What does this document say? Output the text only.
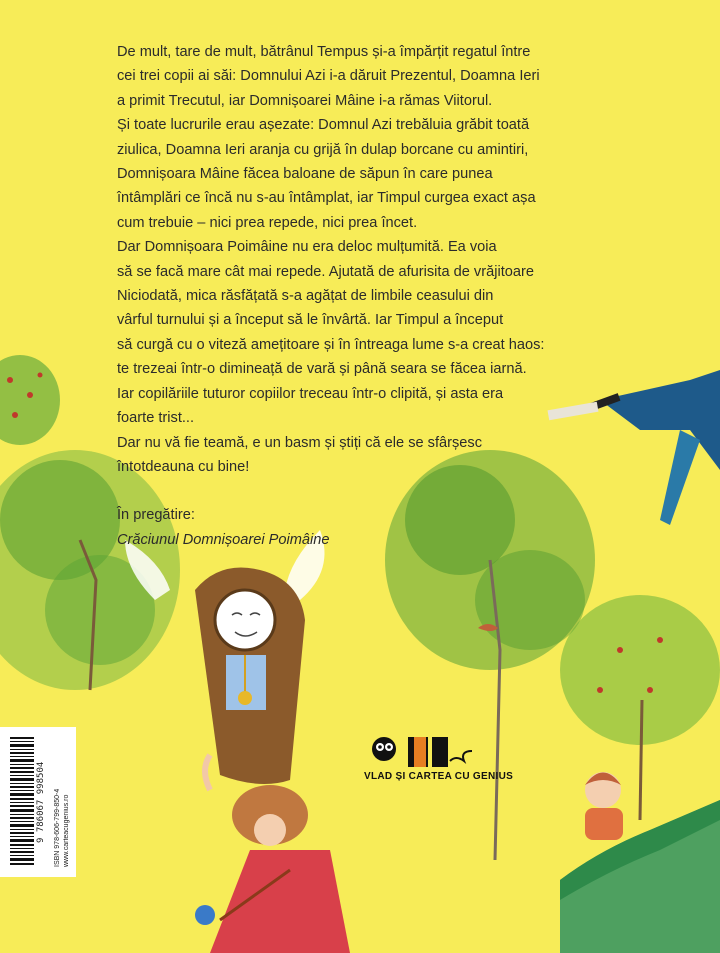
De mult, tare de mult, bătrânul Tempus și-a împărțit regatul între

cei trei copii ai săi: Domnului Azi i-a dăruit Prezentul, Doamna Ieri

a primit Trecutul, iar Domnișoarei Mâine i-a rămas Viitorul.

Și toate lucrurile erau așezate: Domnul Azi trebăluia grăbit toată

ziulica, Doamna Ieri aranja cu grijă în dulap borcane cu amintiri,

Domnișoara Mâine făcea baloane de săpun în care punea

întâmplări ce încă nu s-au întâmplat, iar Timpul curgea exact așa

cum trebuie – nici prea repede, nici prea încet.

Dar Domnișoara Poimâine nu era deloc mulțumită. Ea voia

să se facă mare cât mai repede. Ajutată de afurisita de vrăjitoare

Niciodată, mica răsfățată s-a agățat de limbile ceasului din

vârful turnului și a început să le învârtă. Iar Timpul a început

să curgă cu o viteză amețitoare și în întreaga lume s-a creat haos:

te trezeai într-o dimineață de vară și până seara se făcea iarnă.

Iar copilăriile tuturor copiilor treceau într-o clipită, și asta era

foarte trist...

Dar nu vă fie teamă, e un basm și știți că ele se sfârșesc

întotdeauna cu bine!

În pregătire:

Crăciunul Domnișoarei Poimâine

9 786067 998504	ISBN 978-606-799-850-4 www.carteacugenius.ro
VLAD ȘI CARTEA CU GENIUS
